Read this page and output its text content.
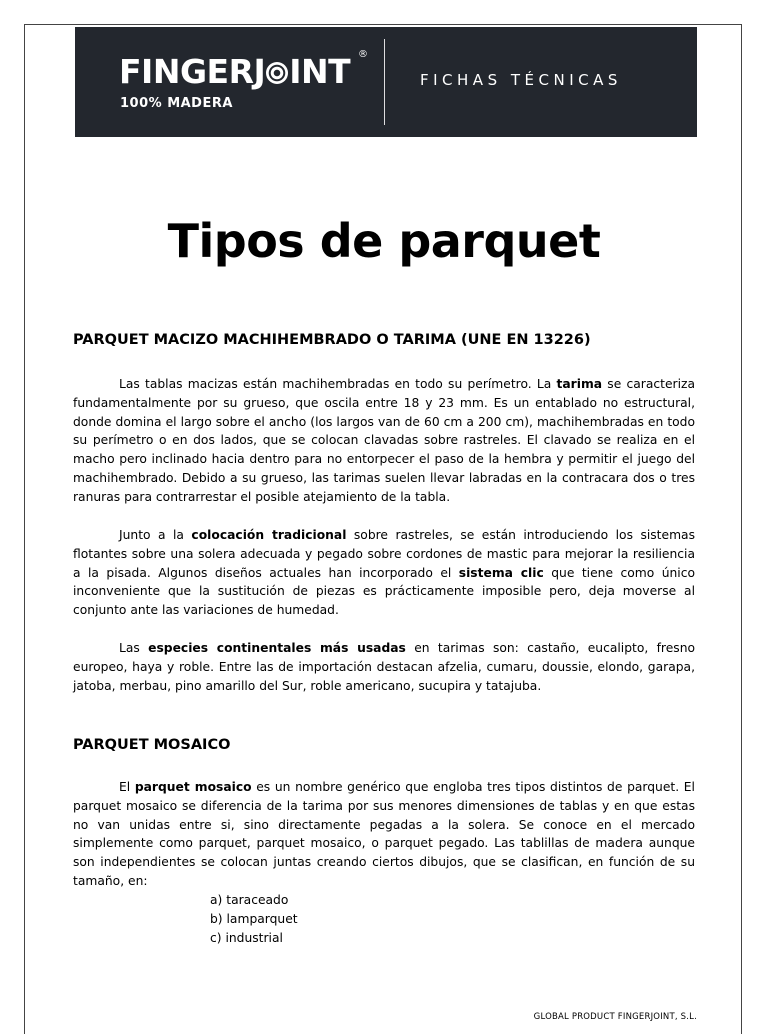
FINGERJ INT ®
100% MADERA
FICHAS TÉCNICAS
Tipos de parquet
PARQUET MACIZO MACHIHEMBRADO O TARIMA (UNE EN 13226)

Las tablas macizas están machihembradas en todo su perímetro. La tarima se caracteriza fundamentalmente por su grueso, que oscila entre 18 y 23 mm. Es un entablado no estructural, donde domina el largo sobre el ancho (los largos van de 60 cm a 200 cm), machihembradas en todo su perímetro o en dos lados, que se colocan clavadas sobre rastreles. El clavado se realiza en el macho pero inclinado hacia dentro para no entorpecer el paso de la hembra y permitir el juego del machihembrado. Debido a su grueso, las tarimas suelen llevar labradas en la contracara dos o tres ranuras para contrarrestar el posible atejamiento de la tabla.

Junto a la colocación tradicional sobre rastreles, se están introduciendo los sistemas flotantes sobre una solera adecuada y pegado sobre cordones de mastic para mejorar la resiliencia a la pisada. Algunos diseños actuales han incorporado el sistema clic que tiene como único inconveniente que la sustitución de piezas es prácticamente imposible pero, deja moverse al conjunto ante las variaciones de humedad.

Las especies continentales más usadas en tarimas son: castaño, eucalipto, fresno europeo, haya y roble. Entre las de importación destacan afzelia, cumaru, doussie, elondo, garapa, jatoba, merbau, pino amarillo del Sur, roble americano, sucupira y tatajuba.

PARQUET MOSAICO

El parquet mosaico es un nombre genérico que engloba tres tipos distintos de parquet. El parquet mosaico se diferencia de la tarima por sus menores dimensiones de tablas y en que estas no van unidas entre si, sino directamente pegadas a la solera. Se conoce en el mercado simplemente como parquet, parquet mosaico, o parquet pegado. Las tablillas de madera aunque son independientes se colocan juntas creando ciertos dibujos, que se clasifican, en función de su tamaño, en:

a) taraceado
b) lamparquet
c) industrial
GLOBAL PRODUCT FINGERJOINT, S.L.
